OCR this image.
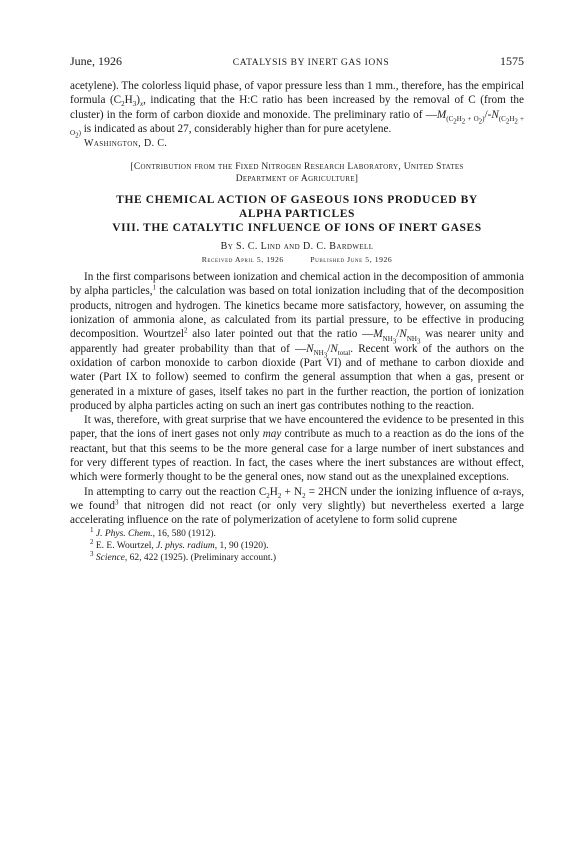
June, 1926	CATALYSIS BY INERT GAS IONS	1575

acetylene). The colorless liquid phase, of vapor pressure less than 1 mm., therefore, has the empirical formula $(C_2H_3)_x$, indicating that the H:C ratio has been increased by the removal of C (from the cluster) in the form of carbon dioxide and monoxide. The preliminary ratio of $—M_{(C_2H_2 + O_2)}/-N_{(C_2H_2 + O_2)}$ is indicated as about 27, considerably higher than for pure acetylene.

Washington, D. C.
[Contribution from the Fixed Nitrogen Research Laboratory, United States
Department of Agriculture]
THE CHEMICAL ACTION OF GASEOUS IONS PRODUCED BY
ALPHA PARTICLES
VIII. THE CATALYTIC INFLUENCE OF IONS OF INERT GASES
By S. C. Lind and D. C. Bardwell
Received April 5, 1926	Published June 5, 1926

In the first comparisons between ionization and chemical action in the decomposition of ammonia by alpha particles,$^1$ the calculation was based on total ionization including that of the decomposition products, nitrogen and hydrogen. The kinetics became more satisfactory, however, on assuming the ionization of ammonia alone, as calculated from its partial pressure, to be effective in producing decomposition. Wourtzel$^2$ also later pointed out that the ratio $—M_{NH_3}/N_{NH_3}$ was nearer unity and apparently had greater probability than that of $—N_{NH_3}/N_{total}$. Recent work of the authors on the oxidation of carbon monoxide to carbon dioxide (Part VI) and of methane to carbon dioxide and water (Part IX to follow) seemed to confirm the general assumption that when a gas, present or generated in a mixture of gases, itself takes no part in the further reaction, the portion of ionization produced by alpha particles acting on such an inert gas contributes nothing to the reaction.

It was, therefore, with great surprise that we have encountered the evidence to be presented in this paper, that the ions of inert gases not only may contribute as much to a reaction as do the ions of the reactant, but that this seems to be the more general case for a large number of inert substances and for very different types of reaction. In fact, the cases where the inert substances are without effect, which were formerly thought to be the general ones, now stand out as the unexplained exceptions.

In attempting to carry out the reaction $C_2H_2 + N_2 = 2HCN$ under the ionizing influence of α-rays, we found$^3$ that nitrogen did not react (or only very slightly) but nevertheless exerted a large accelerating influence on the rate of polymerization of acetylene to form solid cuprene

$^1$ J. Phys. Chem., 16, 580 (1912).
$^2$ E. E. Wourtzel, J. phys. radium, 1, 90 (1920).
$^3$ Science, 62, 422 (1925). (Preliminary account.)
